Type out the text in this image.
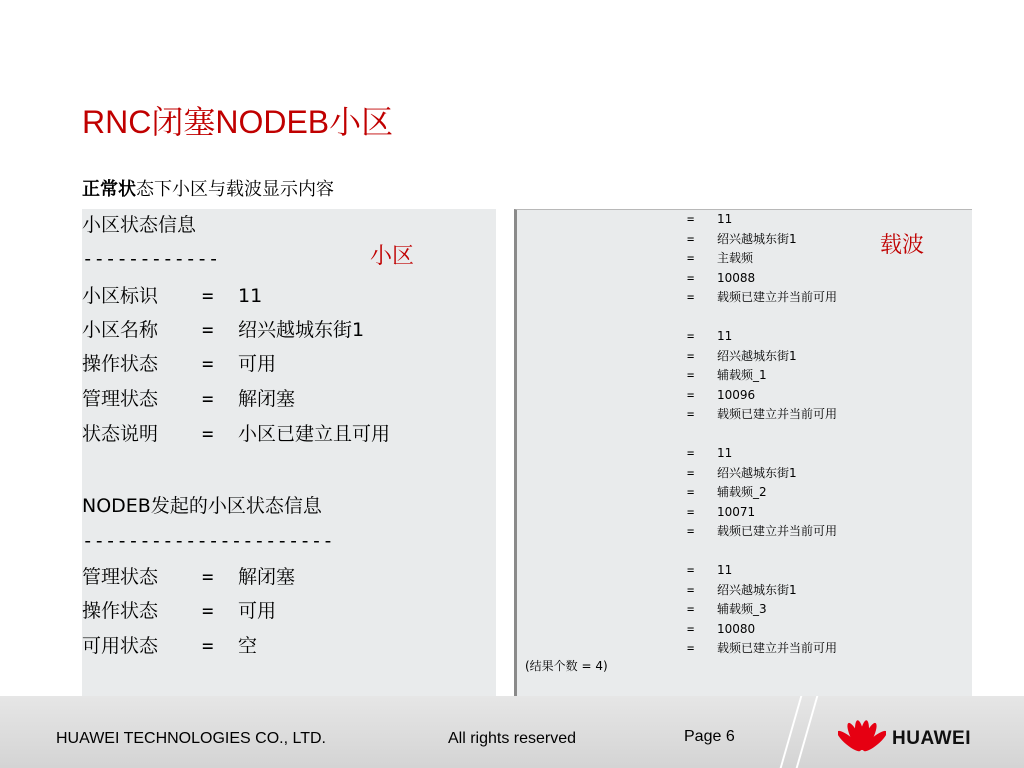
RNC闭塞NODEB小区
正常状态下小区与载波显示内容
小区状态信息
------------
小区标识 = 11
小区名称 = 绍兴越城东街1
操作状态 = 可用
管理状态 = 解闭塞
状态说明 = 小区已建立且可用
NODEB发起的小区状态信息
----------------------
管理状态 = 解闭塞
操作状态 = 可用
可用状态 = 空
= 11
= 绍兴越城东街1
= 主载频
= 10088
= 载频已建立并当前可用
= 11
= 绍兴越城东街1
= 辅载频_1
= 10096
= 载频已建立并当前可用
= 11
= 绍兴越城东街1
= 辅载频_2
= 10071
= 载频已建立并当前可用
= 11
= 绍兴越城东街1
= 辅载频_3
= 10080
= 载频已建立并当前可用
(结果个数 = 4)
小区	载波
HUAWEI TECHNOLOGIES CO., LTD.	All rights reserved	Page 6	HUAWEI
